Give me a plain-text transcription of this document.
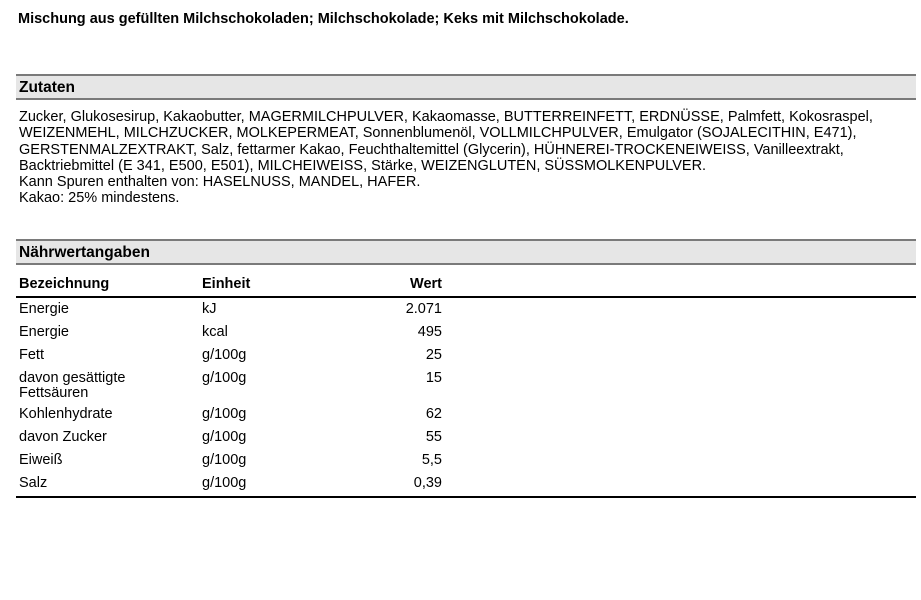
Mischung aus gefüllten Milchschokoladen; Milchschokolade; Keks mit Milchschokolade.
Zutaten
Zucker, Glukosesirup, Kakaobutter, MAGERMILCHPULVER, Kakaomasse, BUTTERREINFETT, ERDNÜSSE, Palmfett, Kokosraspel,
WEIZENMEHL, MILCHZUCKER, MOLKEPERMEAT, Sonnenblumenöl, VOLLMILCHPULVER, Emulgator (SOJALECITHIN, E471),
GERSTENMALZEXTRAKT, Salz, fettarmer Kakao, Feuchthaltemittel (Glycerin), HÜHNEREI-TROCKENEIWEISS, Vanilleextrakt,
Backtriebmittel (E 341, E500, E501), MILCHEIWEISS, Stärke, WEIZENGLUTEN, SÜSSMOLKENPULVER.
Kann Spuren enthalten von: HASELNUSS, MANDEL, HAFER.
Kakao: 25% mindestens.
Nährwertangaben
Bezeichnung	Einheit	Wert	
Energie	kJ	2.071	
Energie	kcal	495	
Fett	g/100g	25	
davon gesättigte Fettsäuren	g/100g	15	
Kohlenhydrate	g/100g	62	
davon Zucker	g/100g	55	
Eiweiß	g/100g	5,5	
Salz	g/100g	0,39	
